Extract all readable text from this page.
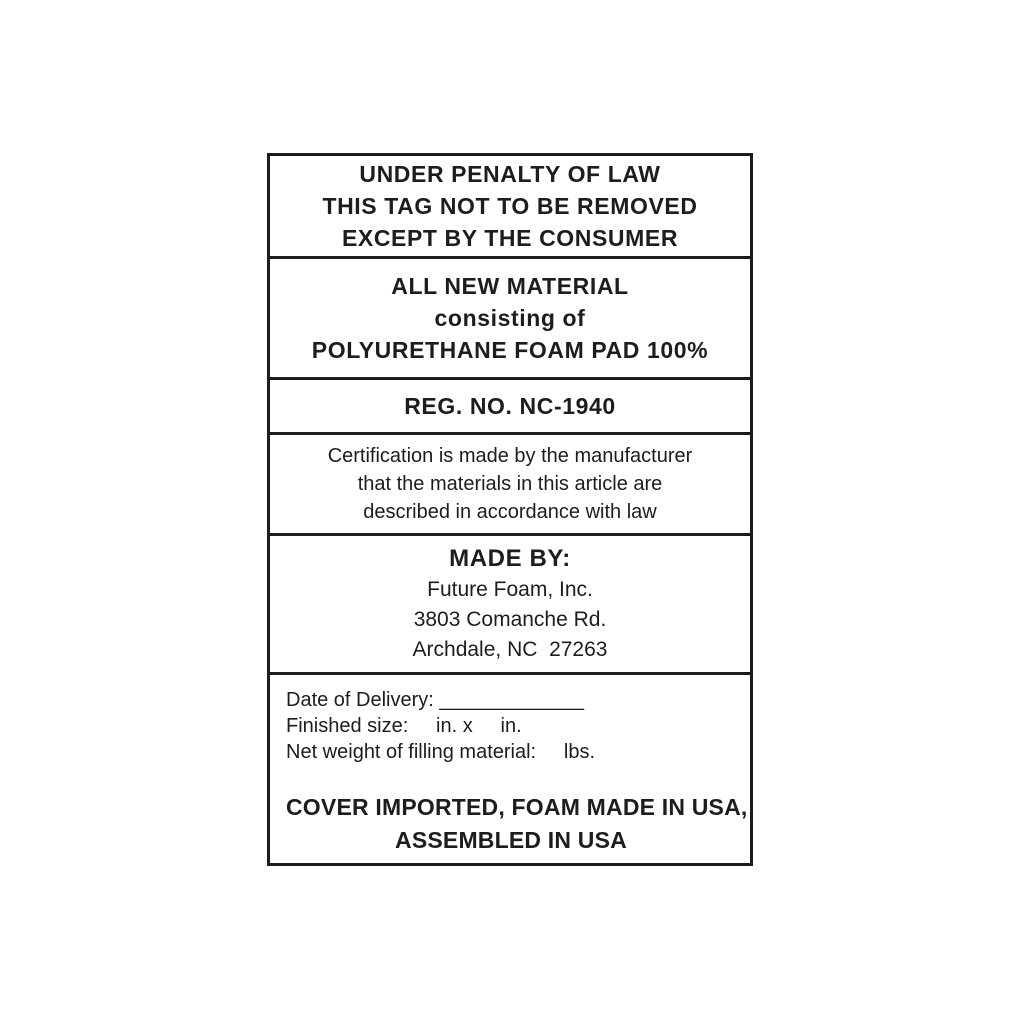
UNDER PENALTY OF LAW
THIS TAG NOT TO BE REMOVED
EXCEPT BY THE CONSUMER
ALL NEW MATERIAL
consisting of
POLYURETHANE FOAM PAD 100%
REG. NO. NC-1940
Certification is made by the manufacturer
that the materials in this article are
described in accordance with law
MADE BY:
Future Foam, Inc.
3803 Comanche Rd.
Archdale, NC  27263
Date of Delivery: _____________
Finished size:     in. x     in.
Net weight of filling material:     lbs.
COVER IMPORTED, FOAM MADE IN USA,
ASSEMBLED IN USA
